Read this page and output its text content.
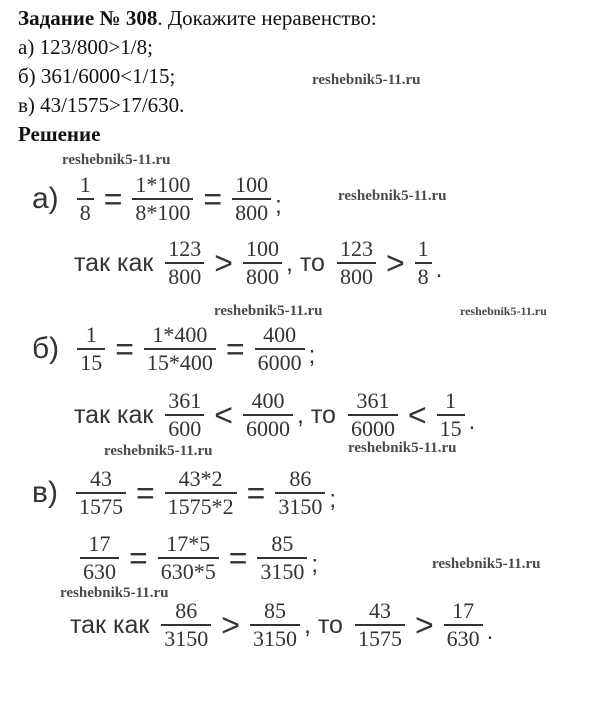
Задание № 308. Докажите неравенство:
а) 123/800>1/8;
б) 361/6000<1/15;
в) 43/1575>17/630.
Решение
reshebnik5-11.ru
reshebnik5-11.ru
reshebnik5-11.ru
reshebnik5-11.ru	reshebnik5-11.ru
reshebnik5-11.ru	reshebnik5-11.ru
reshebnik5-11.ru
reshebnik5-11.ru
$а) \frac{1}{8} = \frac{1*100}{8*100} = \frac{100}{800}$ ;
так как $\frac{123}{800} > \frac{100}{800}$ , то $\frac{123}{800} > \frac{1}{8}$ .
$б) \frac{1}{15} = \frac{1*400}{15*400} = \frac{400}{6000}$ ;
так как $\frac{361}{600} < \frac{400}{6000}$ , то $\frac{361}{6000} < \frac{1}{15}$ .
$в) \frac{43}{1575} = \frac{43*2}{1575*2} = \frac{86}{3150}$ ;
$\frac{17}{630} = \frac{17*5}{630*5} = \frac{85}{3150}$ ;
так как $\frac{86}{3150} > \frac{85}{3150}$ , то $\frac{43}{1575} > \frac{17}{630}$ .
